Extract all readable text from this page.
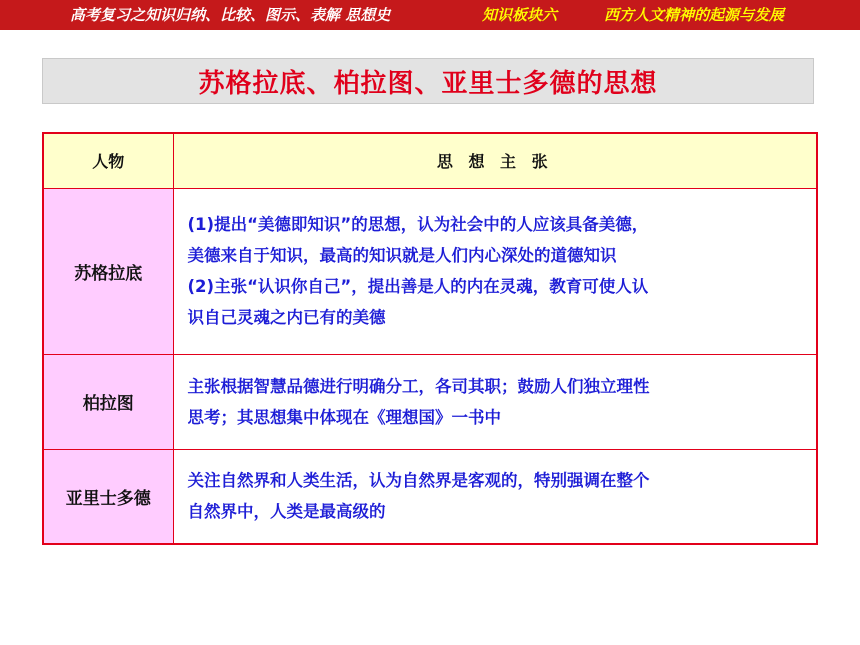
高考复习之知识归纳、比较、图示、表解 思想史	知识板块六	西方人文精神的起源与发展
苏格拉底、柏拉图、亚里士多德的思想
人物	思 想 主 张
苏格拉底	(1)提出“美德即知识”的思想，认为社会中的人应该具备美德，
美德来自于知识，最高的知识就是人们内心深处的道德知识
(2)主张“认识你自己”，提出善是人的内在灵魂，教育可使人认
识自己灵魂之内已有的美德

柏拉图	主张根据智慧品德进行明确分工，各司其职；鼓励人们独立理性
思考；其思想集中体现在《理想国》一书中

亚里士多德	关注自然界和人类生活，认为自然界是客观的，特别强调在整个
自然界中，人类是最高级的
